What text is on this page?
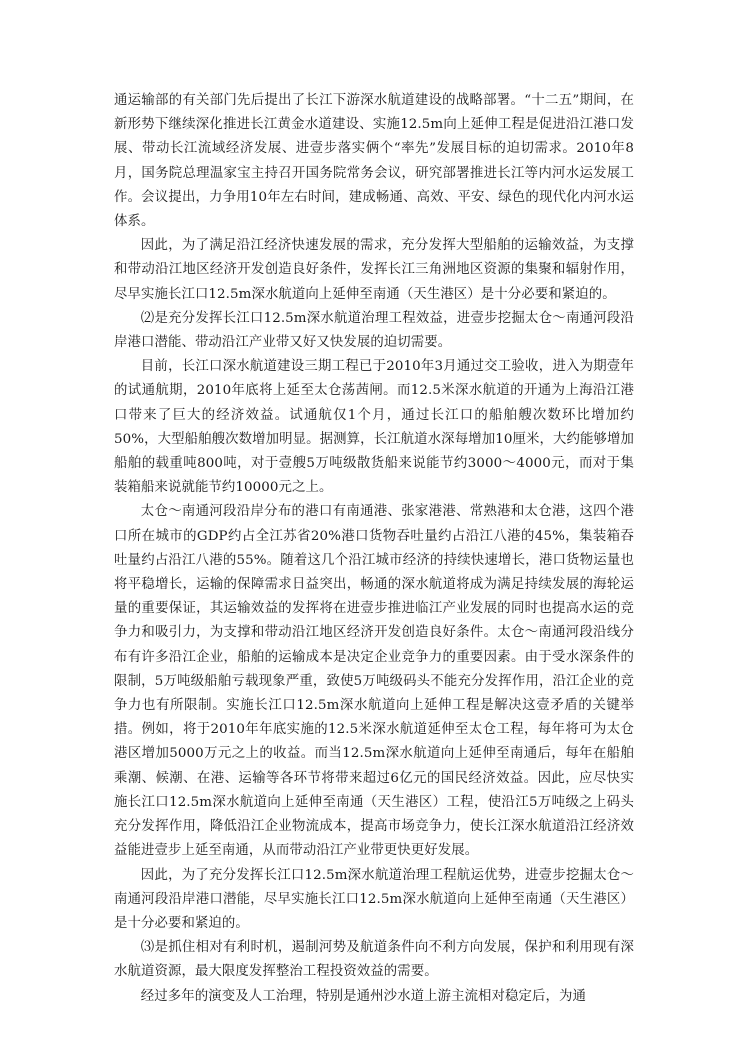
通运输部的有关部门先后提出了长江下游深水航道建设的战略部署。“十二五”期间，在新形势下继续深化推进长江黄金水道建设、实施12.5m向上延伸工程是促进沿江港口发展、带动长江流域经济发展、进壹步落实俩个“率先”发展目标的迫切需求。2010年8月，国务院总理温家宝主持召开国务院常务会议，研究部署推进长江等内河水运发展工作。会议提出，力争用10年左右时间，建成畅通、高效、平安、绿色的现代化内河水运体系。

因此，为了满足沿江经济快速发展的需求，充分发挥大型船舶的运输效益，为支撑和带动沿江地区经济开发创造良好条件，发挥长江三角洲地区资源的集聚和辐射作用，尽早实施长江口12.5m深水航道向上延伸至南通（天生港区）是十分必要和紧迫的。

⑵是充分发挥长江口12.5m深水航道治理工程效益，进壹步挖掘太仓～南通河段沿岸港口潜能、带动沿江产业带又好又快发展的迫切需要。

目前，长江口深水航道建设三期工程已于2010年3月通过交工验收，进入为期壹年的试通航期，2010年底将上延至太仓荡茜闸。而12.5米深水航道的开通为上海沿江港口带来了巨大的经济效益。试通航仅1个月，通过长江口的船舶艘次数环比增加约50%，大型船舶艘次数增加明显。据测算，长江航道水深每增加10厘米，大约能够增加船舶的载重吨800吨，对于壹艘5万吨级散货船来说能节约3000～4000元，而对于集装箱船来说就能节约10000元之上。

太仓～南通河段沿岸分布的港口有南通港、张家港港、常熟港和太仓港，这四个港口所在城市的GDP约占全江苏省20%港口货物吞吐量约占沿江八港的45%，集装箱吞吐量约占沿江八港的55%。随着这几个沿江城市经济的持续快速增长，港口货物运量也将平稳增长，运输的保障需求日益突出，畅通的深水航道将成为满足持续发展的海轮运量的重要保证，其运输效益的发挥将在进壹步推进临江产业发展的同时也提高水运的竞争力和吸引力，为支撑和带动沿江地区经济开发创造良好条件。太仓～南通河段沿线分布有许多沿江企业，船舶的运输成本是决定企业竞争力的重要因素。由于受水深条件的限制，5万吨级船舶亏载现象严重，致使5万吨级码头不能充分发挥作用，沿江企业的竞争力也有所限制。实施长江口12.5m深水航道向上延伸工程是解决这壹矛盾的关键举措。例如，将于2010年年底实施的12.5米深水航道延伸至太仓工程，每年将可为太仓港区增加5000万元之上的收益。而当12.5m深水航道向上延伸至南通后，每年在船舶乘潮、候潮、在港、运输等各环节将带来超过6亿元的国民经济效益。因此，应尽快实施长江口12.5m深水航道向上延伸至南通（天生港区）工程，使沿江5万吨级之上码头充分发挥作用，降低沿江企业物流成本，提高市场竞争力，使长江深水航道沿江经济效益能进壹步上延至南通，从而带动沿江产业带更快更好发展。

因此，为了充分发挥长江口12.5m深水航道治理工程航运优势，进壹步挖掘太仓～南通河段沿岸港口潜能，尽早实施长江口12.5m深水航道向上延伸至南通（天生港区）是十分必要和紧迫的。

⑶是抓住相对有利时机，遏制河势及航道条件向不利方向发展，保护和利用现有深水航道资源，最大限度发挥整治工程投资效益的需要。

经过多年的演变及人工治理，特别是通州沙水道上游主流相对稳定后，为通
